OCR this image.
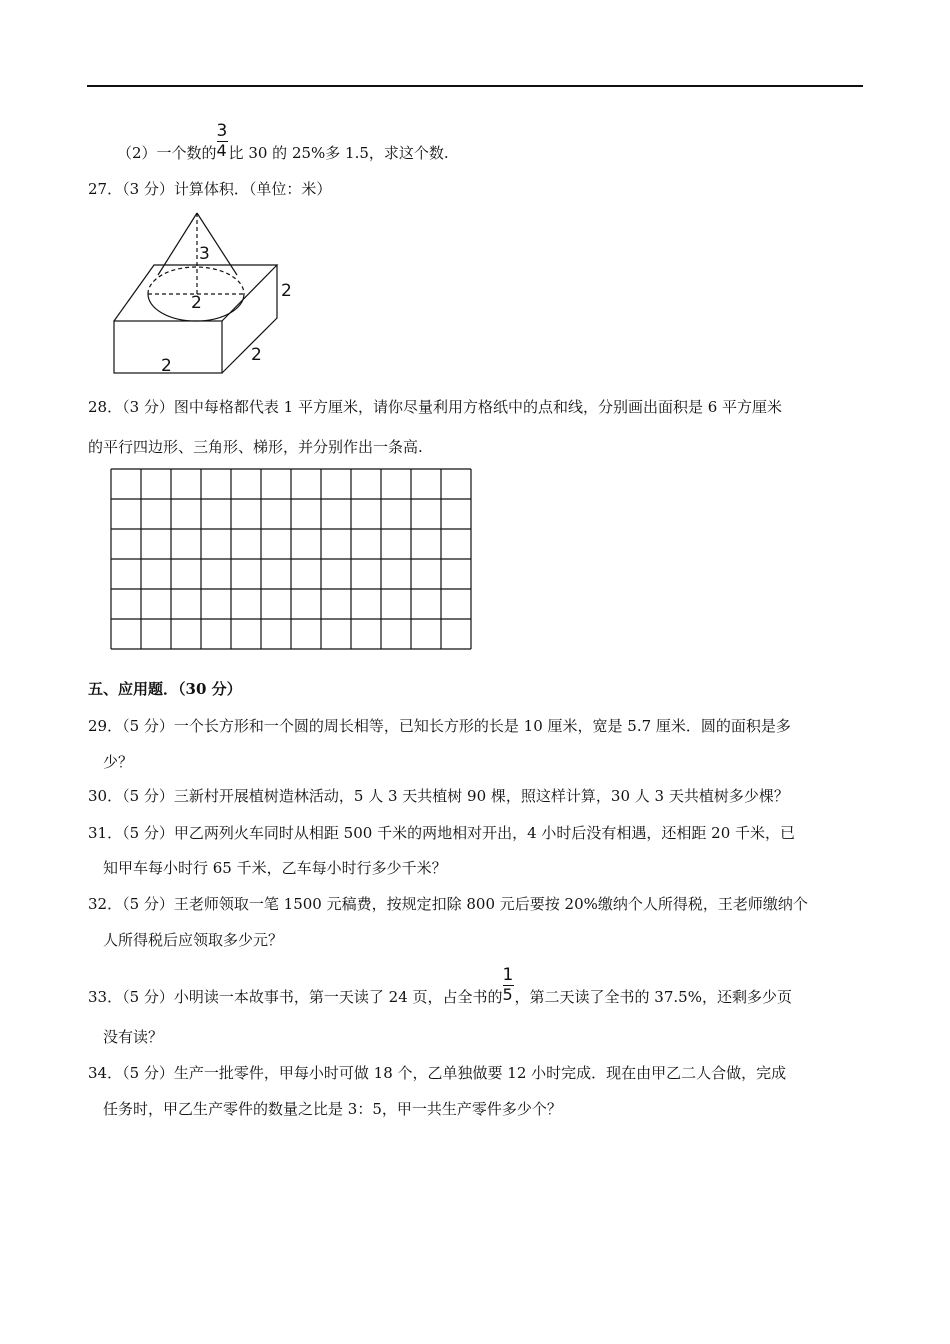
（2）一个数的 $\frac{3}{4}$ 比 30 的 25%多 1.5，求这个数.
27．（3 分）计算体积．（单位：米）
3
2
2
2
2
28．（3 分）图中每格都代表 1 平方厘米，请你尽量利用方格纸中的点和线，分别画出面积是 6 平方厘米
的平行四边形、三角形、梯形，并分别作出一条高.
五、应用题．（30 分）
29．（5 分）一个长方形和一个圆的周长相等，已知长方形的长是 10 厘米，宽是 5.7 厘米．圆的面积是多
少？
30．（5 分）三新村开展植树造林活动，5 人 3 天共植树 90 棵，照这样计算，30 人 3 天共植树多少棵？
31．（5 分）甲乙两列火车同时从相距 500 千米的两地相对开出，4 小时后没有相遇，还相距 20 千米，已
知甲车每小时行 65 千米，乙车每小时行多少千米？
32．（5 分）王老师领取一笔 1500 元稿费，按规定扣除 800 元后要按 20%缴纳个人所得税，王老师缴纳个
人所得税后应领取多少元？
33．（5 分）小明读一本故事书，第一天读了 24 页，占全书的 $\frac{1}{5}$ ，第二天读了全书的 37.5%，还剩多少页
没有读？
34．（5 分）生产一批零件，甲每小时可做 18 个，乙单独做要 12 小时完成．现在由甲乙二人合做，完成
任务时，甲乙生产零件的数量之比是 3：5，甲一共生产零件多少个？
